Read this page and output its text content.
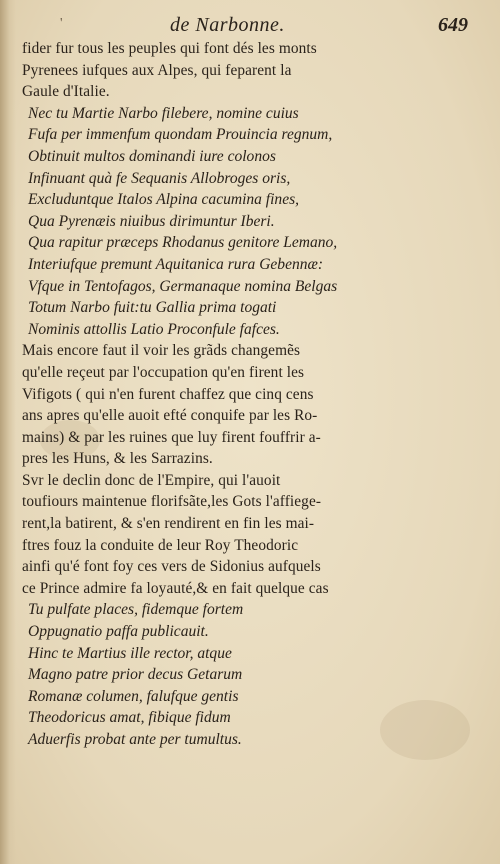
'	de Narbonne.	649
fider fur tous les peuples qui font dés les monts
Pyrenees iufques aux Alpes, qui feparent la
Gaule d'Italie.
Nec tu Martie Narbo filebere, nomine cuius
Fufa per immenfum quondam Prouincia regnum,
Obtinuit multos dominandi iure colonos
Infinuant quà fe Sequanis Allobroges oris,
Excluduntque Italos Alpina cacumina fines,
Qua Pyrenæis niuibus dirimuntur Iberi.
Qua rapitur præceps Rhodanus genitore Lemano,
Interiufque premunt Aquitanica rura Gebennæ:
Vfque in Tentofagos, Germanaque nomina Belgas
Totum Narbo fuit:tu Gallia prima togati
Nominis attollis Latio Proconfule fafces.
Mais encore faut il voir les grãds changemẽs
qu'elle reçeut par l'occupation qu'en firent les
Vifigots ( qui n'en furent chaffez que cinq cens
ans apres qu'elle auoit efté conquife par les Ro-
mains) & par les ruines que luy firent fouffrir a-
pres les Huns, & les Sarrazins.
Svr le declin donc de l'Empire, qui l'auoit
toufiours maintenue florifsãte,les Gots l'affiege-
rent,la batirent, & s'en rendirent en fin les mai-
ftres fouz la conduite de leur Roy Theodoric
ainfi qu'é font foy ces vers de Sidonius aufquels
ce Prince admire fa loyauté,& en fait quelque cas
Tu pulfate places, fidemque fortem
Oppugnatio paffa publicauit.
Hinc te Martius ille rector, atque
Magno patre prior decus Getarum
Romanæ columen, falufque gentis
Theodoricus amat, fibique fidum
Aduerfis probat ante per tumultus.
